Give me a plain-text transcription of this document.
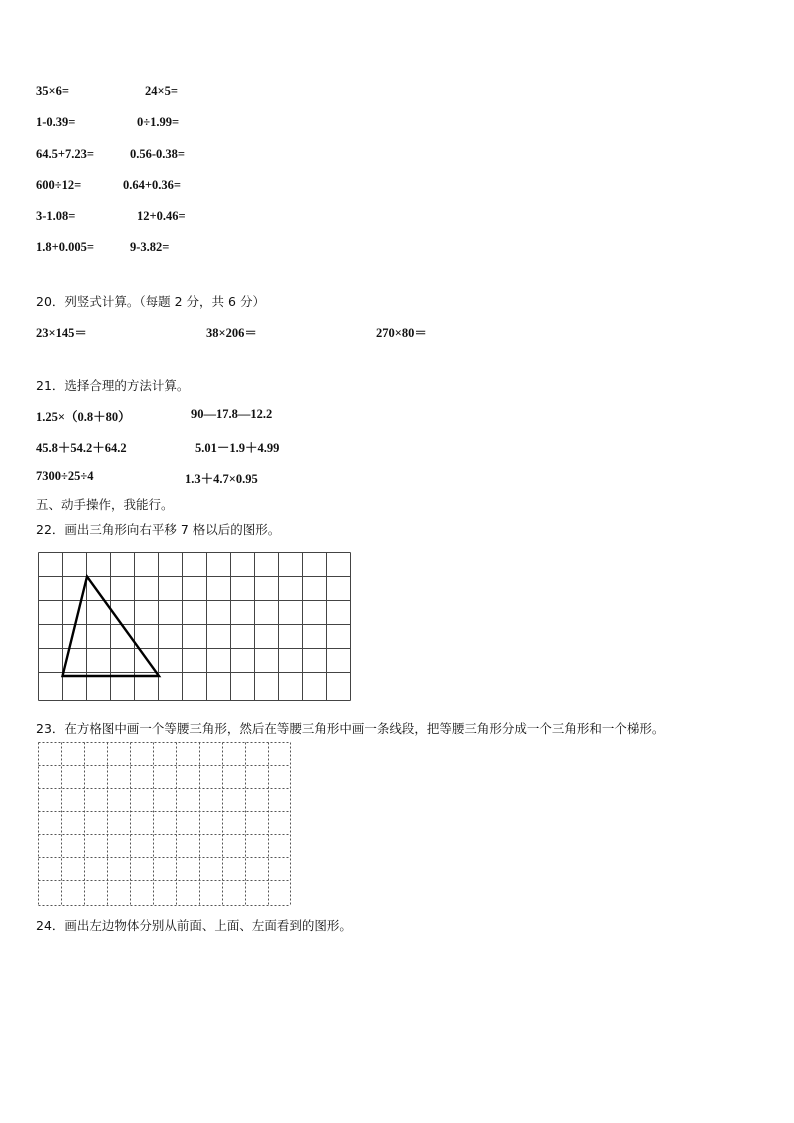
35×6=	24×5=
1-0.39=	0÷1.99=
64.5+7.23=	0.56-0.38=
600÷12=	0.64+0.36=
3-1.08=	12+0.46=
1.8+0.005=	9-3.82=
20．列竖式计算。（每题 2 分，共 6 分）
23×145＝	38×206＝	270×80＝
21．选择合理的方法计算。
1.25×（0.8＋80）	90—17.8—12.2
45.8＋54.2＋64.2	5.01－1.9＋4.99
7300÷25÷4	1.3＋4.7×0.95
五、动手操作，我能行。
22．画出三角形向右平移 7 格以后的图形。
23．在方格图中画一个等腰三角形，然后在等腰三角形中画一条线段，把等腰三角形分成一个三角形和一个梯形。
24．画出左边物体分别从前面、上面、左面看到的图形。
